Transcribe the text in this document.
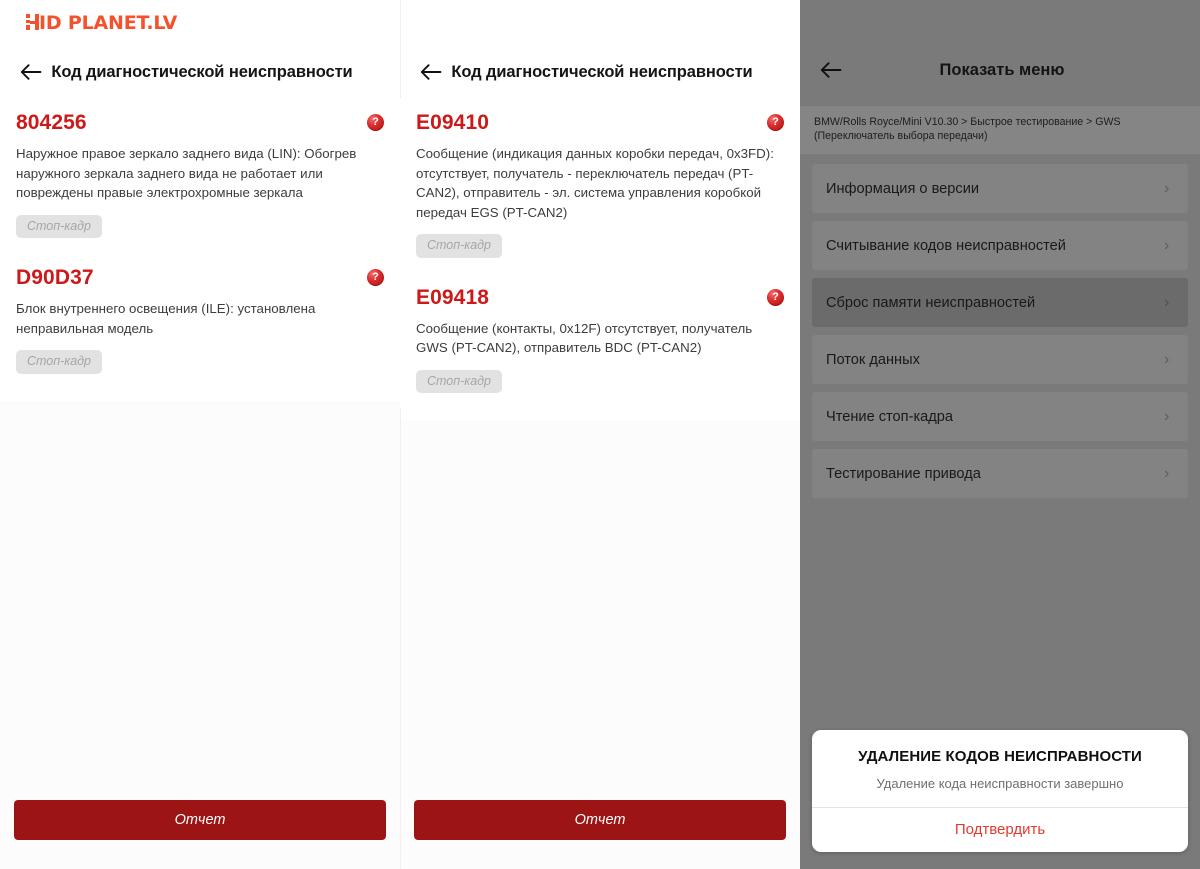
ID PLANET.LV
Код диагностической неисправности
804256	?
Наружное правое зеркало заднего вида (LIN): Обогрев наружного зеркала заднего вида не работает или повреждены правые электрохромные зеркала
Стоп-кадр
D90D37	?
Блок внутреннего освещения (ILE): установлена неправильная модель
Стоп-кадр
Отчет
Код диагностической неисправности
E09410	?
Сообщение (индикация данных коробки передач, 0x3FD): отсутствует, получатель - переключатель передач (PT-CAN2), отправитель - эл. система управления коробкой передач EGS (PT-CAN2)
Стоп-кадр
E09418	?
Сообщение (контакты, 0x12F) отсутствует, получатель GWS (PT-CAN2), отправитель BDC (PT-CAN2)
Стоп-кадр
Отчет
Показать меню
BMW/Rolls Royce/Mini V10.30 > Быстрое тестирование > GWS (Переключатель выбора передачи)
Информация о версии	›
Считывание кодов неисправностей	›
Сброс памяти неисправностей	›
Поток данных	›
Чтение стоп-кадра	›
Тестирование привода	›
УДАЛЕНИЕ КОДОВ НЕИСПРАВНОСТИ
Удаление кода неисправности завершно
Подтвердить
